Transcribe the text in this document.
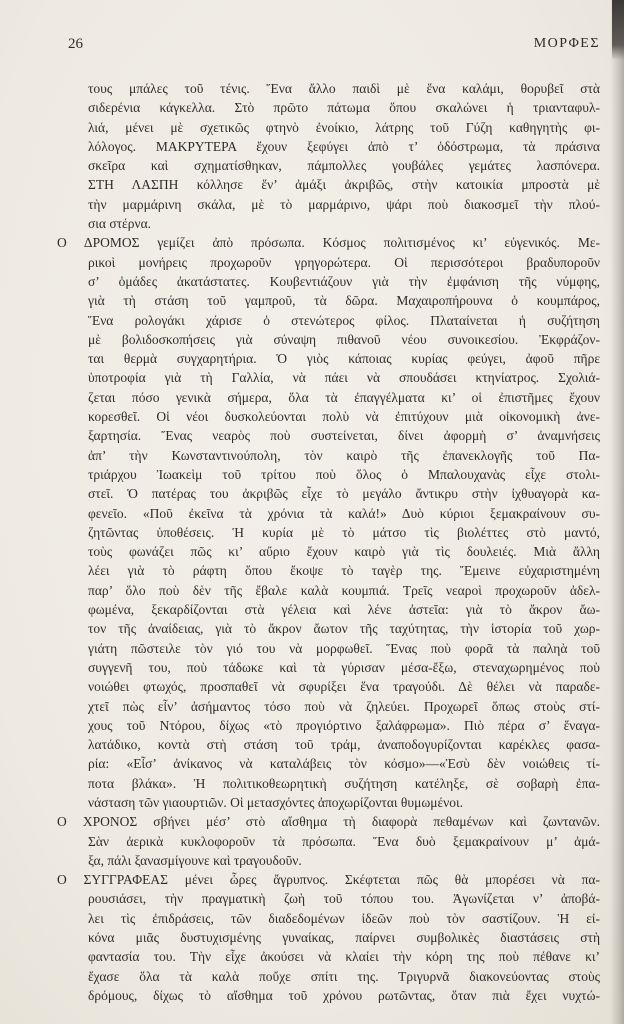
26	ΜΟΡΦΕΣ
τους μπάλες τοῦ τένις. Ἕνα ἄλλο παιδὶ μὲ ἕνα καλάμι, θορυβεῖ στὰ
σιδερένια κάγκελλα. Στὸ πρῶτο πάτωμα ὅπου σκαλώνει ἡ τριανταφυλ-
λιά, μένει μὲ σχετικῶς φτηνὸ ἐνοίκιο, λάτρης τοῦ Γύζη καθηγητὴς φι-
λόλογος. ΜΑΚΡΥΤΕΡΑ ἔχουν ξεφύγει ἀπὸ τ’ ὁδόστρωμα, τὰ πράσινα
σκεῖρα καὶ σχηματίσθηκαν, πάμπολλες γουβάλες γεμάτες λασπόνερα.
ΣΤΗ ΛΑΣΠΗ κόλλησε ἕν’ ἀμάξι ἀκριβῶς, στὴν κατοικία μπροστὰ μὲ
τὴν μαρμάρινη σκάλα, μὲ τὸ μαρμάρινο, ψάρι ποὺ διακοσμεῖ τὴν πλού-
σια στέρνα.
Ο ΔΡΟΜΟΣ γεμίζει ἀπὸ πρόσωπα. Κόσμος πολιτισμένος κι’ εὐγενικός. Με-
ρικοὶ μονήρεις προχωροῦν γρηγορώτερα. Οἱ περισσότεροι βραδυποροῦν
σ’ ὁμάδες ἀκατάστατες. Κουβεντιάζουν γιὰ τὴν ἐμφάνιση τῆς νύμφης,
γιὰ τὴ στάση τοῦ γαμπροῦ, τὰ δῶρα. Μαχαιροπήρουνα ὁ κουμπάρος,
Ἕνα ρολογάκι χάρισε ὁ στενώτερος φίλος. Πλαταίνεται ἡ συζήτηση
μὲ βολιδοσκοπήσεις γιὰ σύναψη πιθανοῦ νέου συνοικεσίου. Ἐκφράζον-
ται θερμὰ συγχαρητήρια. Ὁ γιὸς κάποιας κυρίας φεύγει, ἀφοῦ πῆρε
ὑποτροφία γιὰ τὴ Γαλλία, νὰ πάει νὰ σπουδάσει κτηνίατρος. Σχολιά-
ζεται πόσο γενικὰ σήμερα, ὅλα τὰ ἐπαγγέλματα κι’ οἱ ἐπιστῆμες ἔχουν
κορεσθεῖ. Οἱ νέοι δυσκολεύονται πολὺ νὰ ἐπιτύχουν μιὰ οἰκονομικὴ ἀνε-
ξαρτησία. Ἕνας νεαρὸς ποὺ συστείνεται, δίνει ἀφορμὴ σ’ ἀναμνήσεις
ἀπ’ τὴν Κωνσταντινούπολη, τὸν καιρὸ τῆς ἐπανεκλογῆς τοῦ Πα-
τριάρχου Ἰωακεὶμ τοῦ τρίτου ποὺ ὅλος ὁ Μπαλουχανὰς εἶχε στολι-
στεῖ. Ὁ πατέρας του ἀκριβῶς εἶχε τὸ μεγάλο ἄντικρυ στὴν ἰχθυαγορὰ κα-
φενεῖο. «Ποῦ ἐκεῖνα τὰ χρόνια τὰ καλά!» Δυὸ κύριοι ξεμακραίνουν συ-
ζητῶντας ὑποθέσεις. Ἡ κυρία μὲ τὸ μάτσο τὶς βιολέττες στὸ μαντό,
τοὺς φωνάζει πῶς κι’ αὔριο ἔχουν καιρὸ γιὰ τὶς δουλειές. Μιὰ ἄλλη
λέει γιὰ τὸ ράφτη ὅπου ἔκοψε τὸ ταγὲρ της. Ἔμεινε εὐχαριστημένη
παρ’ ὅλο ποὺ δὲν τῆς ἔβαλε καλὰ κουμπιά. Τρεῖς νεαροὶ προχωροῦν ἀδελ-
φωμένα, ξεκαρδίζονται στὰ γέλεια καὶ λένε ἀστεῖα: γιὰ τὸ ἄκρον ἄω-
τον τῆς ἀναίδειας, γιὰ τὸ ἄκρον ἄωτον τῆς ταχύτητας, τὴν ἱστορία τοῦ χωρ-
γιάτη πῶστειλε τὸν γιό του νὰ μορφωθεῖ. Ἕνας ποὺ φορᾶ τὰ παληὰ τοῦ
συγγενῆ του, ποὺ τάδωκε καὶ τὰ γύρισαν μέσα-ἔξω, στεναχωρημένος ποὺ
νοιώθει φτωχός, προσπαθεῖ νὰ σφυρίξει ἕνα τραγούδι. Δὲ θέλει νὰ παραδε-
χτεῖ πὼς εἶν’ ἀσήμαντος τόσο ποὺ νὰ ζηλεύει. Προχωρεῖ ὅπως στοὺς στί-
χους τοῦ Ντόρου, δίχως «τὸ προγιόρτινο ξαλάφρωμα». Πιὸ πέρα σ’ ἕναγα-
λατάδικο, κοντὰ στὴ στάση τοῦ τράμ, ἀναποδογυρίζονται καρέκλες φασα-
ρία: «Εἶσ’ ἀνίκανος νὰ καταλάβεις τὸν κόσμο»—«Ἐσὺ δὲν νοιώθεις τί-
ποτα βλάκα». Ἡ πολιτικοθεωρητικὴ συζήτηση κατέληξε, σὲ σοβαρὴ ἐπα-
νάσταση τῶν γιαουρτιῶν. Οἱ μετασχόντες ἀποχωρίζονται θυμωμένοι.
Ο ΧΡΟΝΟΣ σβήνει μέσ’ στὸ αἴσθημα τὴ διαφορὰ πεθαμένων καὶ ζωντανῶν.
Σὰν ἀερικὰ κυκλοφοροῦν τὰ πρόσωπα. Ἕνα δυὸ ξεμακραίνουν μ’ ἁμά-
ξα, πάλι ξανασμίγουνε καὶ τραγουδοῦν.
Ο ΣΥΓΓΡΑΦΕΑΣ μένει ὧρες ἄγρυπνος. Σκέφτεται πῶς θὰ μπορέσει νὰ πα-
ρουσιάσει, τὴν πραγματικὴ ζωὴ τοῦ τόπου του. Ἀγωνίζεται ν’ ἀποβά-
λει τὶς ἐπιδράσεις, τῶν διαδεδομένων ἰδεῶν ποὺ τὸν σαστίζουν. Ἡ εἰ-
κόνα μιᾶς δυστυχισμένης γυναίκας, παίρνει συμβολικὲς διαστάσεις στὴ
φαντασία του. Τὴν εἶχε ἀκούσει νὰ κλαίει τὴν κόρη της ποὺ πέθανε κι’
ἔχασε ὅλα τὰ καλὰ ποὔχε σπίτι της. Τριγυρνᾶ διακονεύοντας στοὺς
δρόμους, δίχως τὸ αἴσθημα τοῦ χρόνου ρωτῶντας, ὅταν πιὰ ἔχει νυχτώ-
